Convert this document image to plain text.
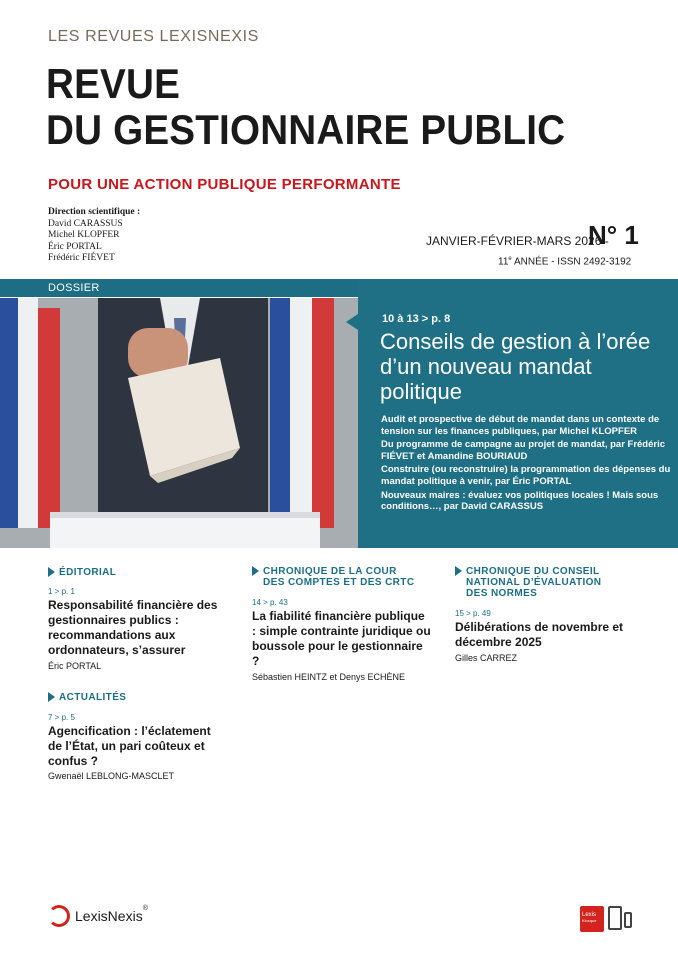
LES REVUES LEXISNEXIS
REVUE
DU GESTIONNAIRE PUBLIC
POUR UNE ACTION PUBLIQUE PERFORMANTE
Direction scientifique :
David CARASSUS
Michel KLOPFER
Éric PORTAL
Frédéric FIÉVET
JANVIER-FÉVRIER-MARS 2026 -
N° 1
11e ANNÉE - ISSN 2492-3192
DOSSIER
10 à 13 > p. 8
Conseils de gestion à l’orée d’un nouveau mandat politique
Audit et prospective de début de mandat dans un contexte de tension sur les finances publiques, par Michel KLOPFER
Du programme de campagne au projet de mandat, par Frédéric FIÉVET et Amandine BOURIAUD
Construire (ou reconstruire) la programmation des dépenses du mandat politique à venir, par Éric PORTAL
Nouveaux maires : évaluez vos politiques locales ! Mais sous conditions…, par David CARASSUS
ÉDITORIAL
1 > p. 1
Responsabilité financière des gestionnaires publics : recommandations aux ordonnateurs, s’assurer
Éric PORTAL
ACTUALITÉS
7 > p. 5
Agencification : l’éclatement de l’État, un pari coûteux et confus ?
Gwenaël LEBLONG-MASCLET
CHRONIQUE DE LA COUR
DES COMPTES ET DES CRTC
14 > p. 43
La fiabilité financière publique : simple contrainte juridique ou boussole pour le gestionnaire ?
Sébastien HEINTZ et Denys ECHÈNE
CHRONIQUE DU CONSEIL
NATIONAL D’ÉVALUATION
DES NORMES
15 > p. 49
Délibérations de novembre et décembre 2025
Gilles CARREZ
LexisNexis ®
Lexis
Kiosque
